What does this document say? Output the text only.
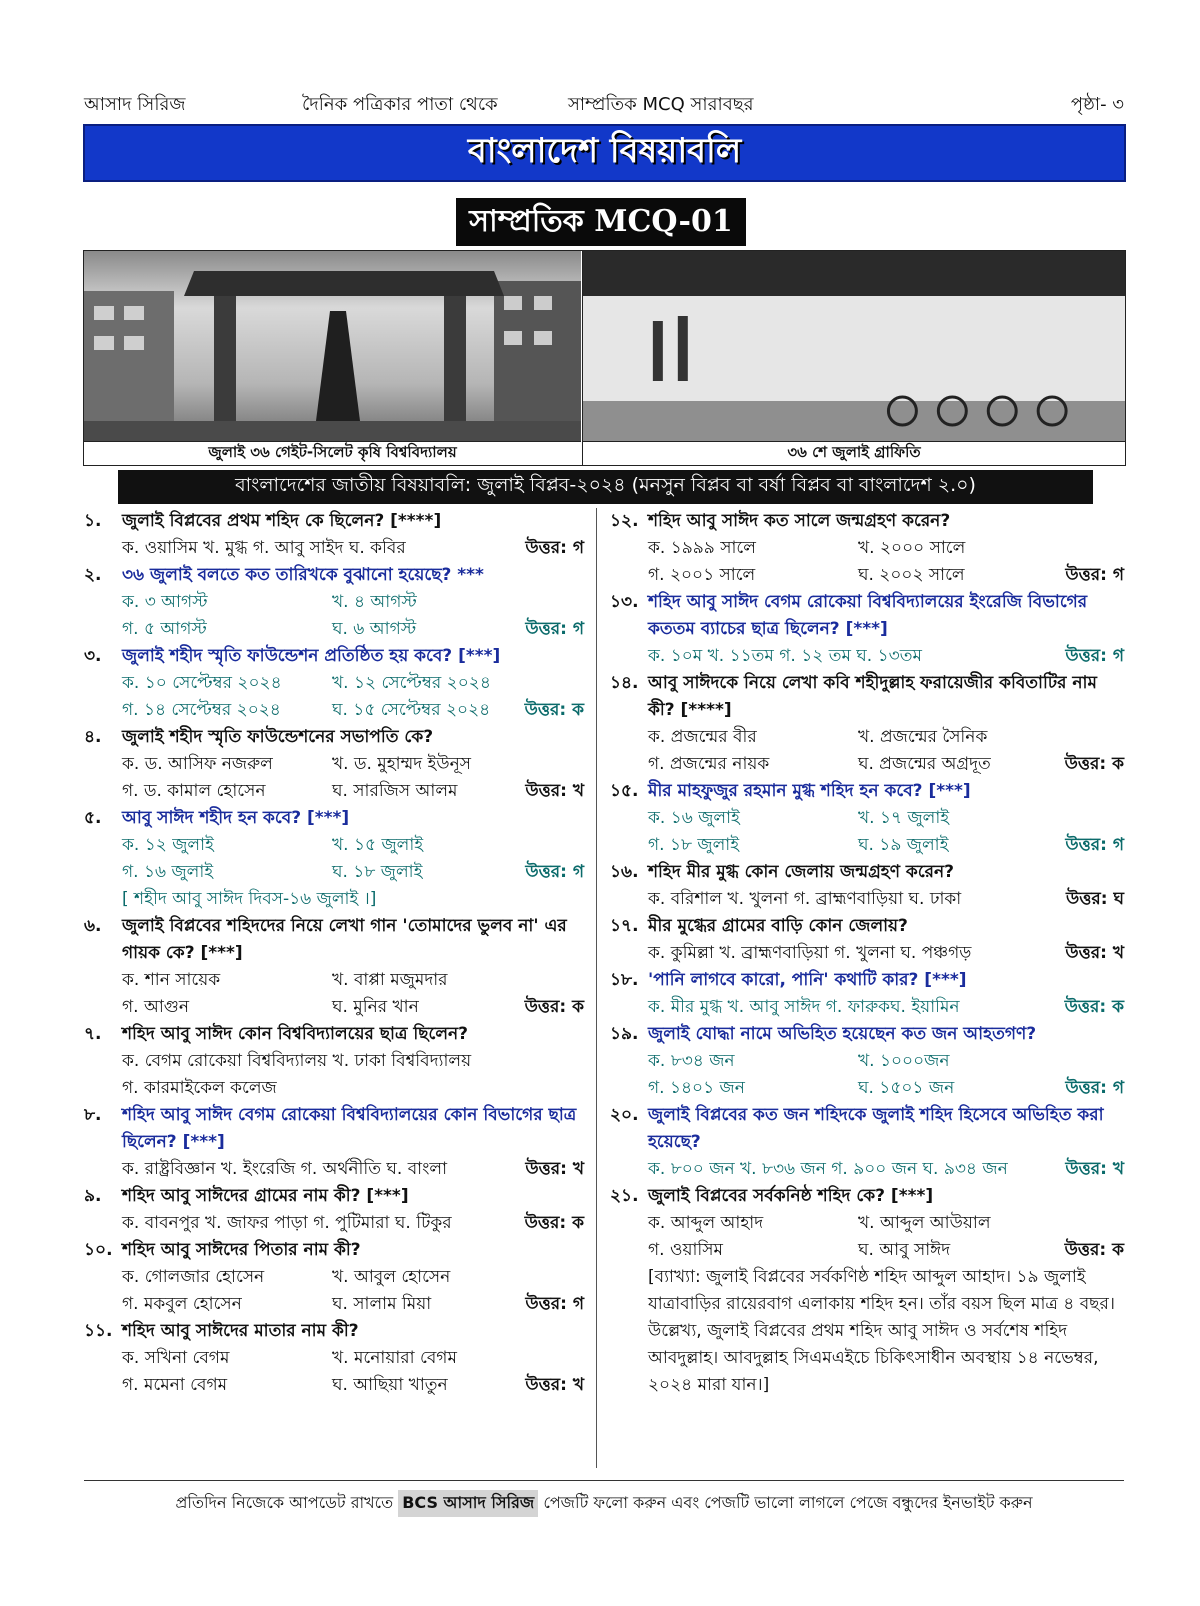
আসাদ সিরিজ	দৈনিক পত্রিকার পাতা থেকে	সাম্প্রতিক MCQ সারাবছর	পৃষ্ঠা- ৩
বাংলাদেশ বিষয়াবলি
সাম্প্রতিক MCQ-01
জুলাই ৩৬ গেইট-সিলেট কৃষি বিশ্ববিদ্যালয়	৩৬ শে জুলাই গ্রাফিতি
বাংলাদেশের জাতীয় বিষয়াবলি: জুলাই বিপ্লব-২০২৪ (মনসুন বিপ্লব বা বর্ষা বিপ্লব বা বাংলাদেশ ২.০)
১.	জুলাই বিপ্লবের প্রথম শহিদ কে ছিলেন? [****]
ক. ওয়াসিম খ. মুগ্ধ গ. আবু সাইদ ঘ. কবির	উত্তর: গ
২.	৩৬ জুলাই বলতে কত তারিখকে বুঝানো হয়েছে? ***
ক. ৩ আগস্ট	খ. ৪ আগস্ট
গ. ৫ আগস্ট	ঘ. ৬ আগস্ট	উত্তর: গ
৩.	জুলাই শহীদ স্মৃতি ফাউন্ডেশন প্রতিষ্ঠিত হয় কবে? [***]
ক. ১০ সেপ্টেম্বর ২০২৪	খ. ১২ সেপ্টেম্বর ২০২৪
গ. ১৪ সেপ্টেম্বর ২০২৪	ঘ. ১৫ সেপ্টেম্বর ২০২৪	উত্তর: ক
৪.	জুলাই শহীদ স্মৃতি ফাউন্ডেশনের সভাপতি কে?
ক. ড. আসিফ নজরুল	খ. ড. মুহাম্মদ ইউনূস
গ. ড. কামাল হোসেন	ঘ. সারজিস আলম	উত্তর: খ
৫.	আবু সাঈদ শহীদ হন কবে? [***]
ক. ১২ জুলাই	খ. ১৫ জুলাই
গ. ১৬ জুলাই	ঘ. ১৮ জুলাই	উত্তর: গ
[ শহীদ আবু সাঈদ দিবস-১৬ জুলাই ।]
৬.	জুলাই বিপ্লবের শহিদদের নিয়ে লেখা গান 'তোমাদের ভুলব না' এর গায়ক কে? [***]
ক. শান সায়েক	খ. বাপ্পা মজুমদার
গ. আগুন	ঘ. মুনির খান	উত্তর: ক
৭.	শহিদ আবু সাঈদ কোন বিশ্ববিদ্যালয়ের ছাত্র ছিলেন?
ক. বেগম রোকেয়া বিশ্ববিদ্যালয় খ. ঢাকা বিশ্ববিদ্যালয়
গ. কারমাইকেল কলেজ
৮.	শহিদ আবু সাঈদ বেগম রোকেয়া বিশ্ববিদ্যালয়ের কোন বিভাগের ছাত্র ছিলেন? [***]
ক. রাষ্ট্রবিজ্ঞান খ. ইংরেজি গ. অর্থনীতি ঘ. বাংলা	উত্তর: খ
৯.	শহিদ আবু সাঈদের গ্রামের নাম কী? [***]
ক. বাবনপুর খ. জাফর পাড়া গ. পুটিমারা ঘ. টিকুর	উত্তর: ক
১০. শহিদ আবু সাঈদের পিতার নাম কী?
ক. গোলজার হোসেন	খ. আবুল হোসেন
গ. মকবুল হোসেন	ঘ. সালাম মিয়া	উত্তর: গ
১১. শহিদ আবু সাঈদের মাতার নাম কী?
ক. সখিনা বেগম	খ. মনোয়ারা বেগম
গ. মমেনা বেগম	ঘ. আছিয়া খাতুন	উত্তর: খ
১২. শহিদ আবু সাঈদ কত সালে জন্মগ্রহণ করেন?
ক. ১৯৯৯ সালে	খ. ২০০০ সালে
গ. ২০০১ সালে	ঘ. ২০০২ সালে	উত্তর: গ
১৩. শহিদ আবু সাঈদ বেগম রোকেয়া বিশ্ববিদ্যালয়ের ইংরেজি বিভাগের কততম ব্যাচের ছাত্র ছিলেন? [***]
ক. ১০ম খ. ১১তম গ. ১২ তম ঘ. ১৩তম	উত্তর: গ
১৪. আবু সাঈদকে নিয়ে লেখা কবি শহীদুল্লাহ ফরায়েজীর কবিতাটির নাম কী? [****]
ক. প্রজন্মের বীর	খ. প্রজন্মের সৈনিক
গ. প্রজন্মের নায়ক	ঘ. প্রজন্মের অগ্রদূত	উত্তর: ক
১৫. মীর মাহফুজুর রহমান মুগ্ধ শহিদ হন কবে? [***]
ক. ১৬ জুলাই	খ. ১৭ জুলাই
গ. ১৮ জুলাই	ঘ. ১৯ জুলাই	উত্তর: গ
১৬. শহিদ মীর মুগ্ধ কোন জেলায় জন্মগ্রহণ করেন?
ক. বরিশাল খ. খুলনা গ. ব্রাহ্মণবাড়িয়া ঘ. ঢাকা	উত্তর: ঘ
১৭. মীর মুগ্ধের গ্রামের বাড়ি কোন জেলায়?
ক. কুমিল্লা খ. ব্রাহ্মণবাড়িয়া গ. খুলনা ঘ. পঞ্চগড়	উত্তর: খ
১৮. 'পানি লাগবে কারো, পানি' কথাটি কার? [***]
ক. মীর মুগ্ধ খ. আবু সাঈদ গ. ফারুকঘ. ইয়ামিন	উত্তর: ক
১৯. জুলাই যোদ্ধা নামে অভিহিত হয়েছেন কত জন আহতগণ?
ক. ৮৩৪ জন	খ. ১০০০জন
গ. ১৪০১ জন	ঘ. ১৫০১ জন	উত্তর: গ
২০. জুলাই বিপ্লবের কত জন শহিদকে জুলাই শহিদ হিসেবে অভিহিত করা হয়েছে?
ক. ৮০০ জন খ. ৮৩৬ জন গ. ৯০০ জন ঘ. ৯৩৪ জন	উত্তর: খ
২১. জুলাই বিপ্লবের সর্বকনিষ্ঠ শহিদ কে? [***]
ক. আব্দুল আহাদ	খ. আব্দুল আউয়াল
গ. ওয়াসিম	ঘ. আবু সাঈদ	উত্তর: ক
[ব্যাখ্যা: জুলাই বিপ্লবের সর্বকণিষ্ঠ শহিদ আব্দুল আহাদ। ১৯ জুলাই যাত্রাবাড়ির রায়েরবাগ এলাকায় শহিদ হন। তাঁর বয়স ছিল মাত্র ৪ বছর। উল্লেখ্য, জুলাই বিপ্লবের প্রথম শহিদ আবু সাঈদ ও সর্বশেষ শহিদ আবদুল্লাহ। আবদুল্লাহ সিএমএইচে চিকিৎসাধীন অবস্থায় ১৪ নভেম্বর, ২০২৪ মারা যান।]
প্রতিদিন নিজেকে আপডেট রাখতে
BCS আসাদ সিরিজ
পেজটি ফলো করুন এবং পেজটি ভালো লাগলে পেজে বন্ধুদের ইনভাইট করুন
